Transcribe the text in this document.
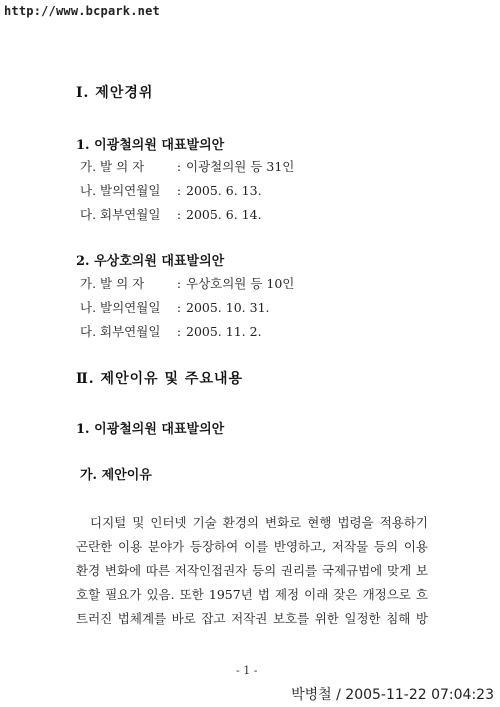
http://www.bcpark.net
Ⅰ. 제안경위
1. 이광철의원 대표발의안
가. 발 의 자	: 이광철의원 등 31인
나. 발의연월일 : 2005. 6. 13.
다. 회부연월일 : 2005. 6. 14.
2. 우상호의원 대표발의안
가. 발 의 자	: 우상호의원 등 10인
나. 발의연월일 : 2005. 10. 31.
다. 회부연월일 : 2005. 11. 2.
Ⅱ. 제안이유 및 주요내용
1. 이광철의원 대표발의안
가. 제안이유
디지털 및 인터넷 기술 환경의 변화로 현행 법령을 적용하기
곤란한 이용 분야가 등장하여 이를 반영하고, 저작물 등의 이용
환경 변화에 따른 저작인접권자 등의 권리를 국제규범에 맞게 보
호할 필요가 있음. 또한 1957년 법 제정 이래 잦은 개정으로 흐
트러진 법체계를 바로 잡고 저작권 보호를 위한 일정한 침해 방
- 1 -
박병철 / 2005-11-22 07:04:23
